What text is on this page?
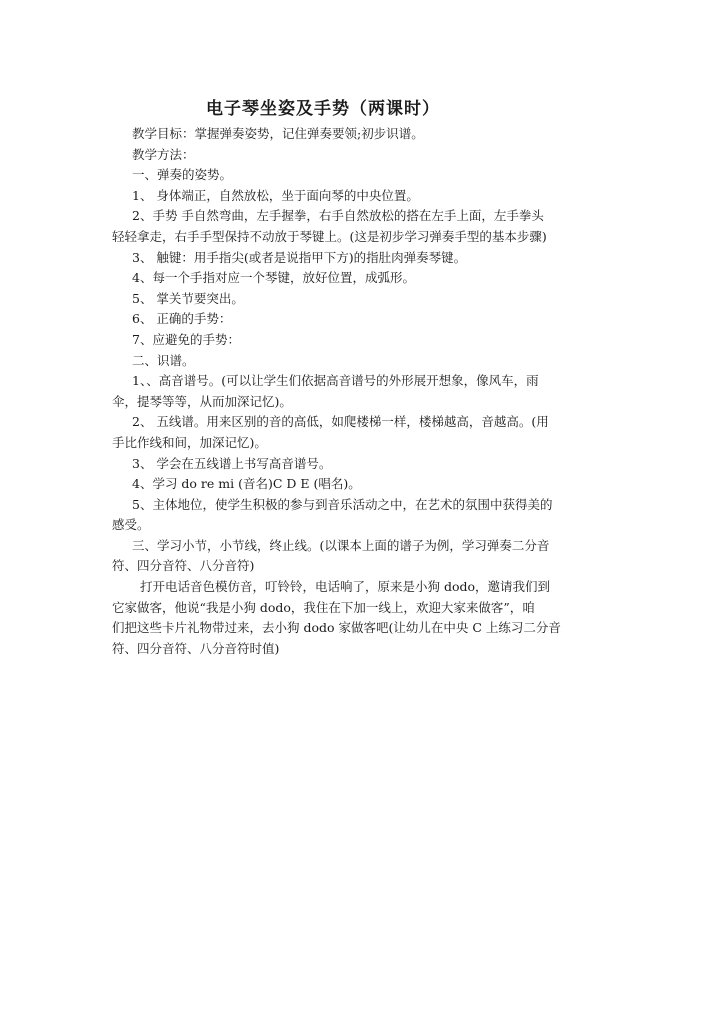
电子琴坐姿及手势（两课时）
教学目标：掌握弹奏姿势，记住弹奏要领;初步识谱。
教学方法：
一、弹奏的姿势。
1、 身体端正，自然放松，坐于面向琴的中央位置。
2、手势 手自然弯曲，左手握拳，右手自然放松的搭在左手上面，左手拳头
轻轻拿走，右手手型保持不动放于琴键上。(这是初步学习弹奏手型的基本步骤)
3、 触键：用手指尖(或者是说指甲下方)的指肚肉弹奏琴键。
4、每一个手指对应一个琴键，放好位置，成弧形。
5、 掌关节要突出。
6、 正确的手势：
7、应避免的手势：
二、识谱。
1、、高音谱号。(可以让学生们依据高音谱号的外形展开想象，像风车，雨
伞，提琴等等，从而加深记忆)。
2、 五线谱。用来区别的音的高低，如爬楼梯一样，楼梯越高，音越高。(用
手比作线和间，加深记忆)。
3、 学会在五线谱上书写高音谱号。
4、学习 do re mi (音名)C D E (唱名)。
5、主体地位，使学生积极的参与到音乐活动之中，在艺术的氛围中获得美的
感受。
三、学习小节，小节线，终止线。(以课本上面的谱子为例，学习弹奏二分音
符、四分音符、八分音符)
打开电话音色模仿音，叮铃铃，电话响了，原来是小狗 dodo，邀请我们到
它家做客，他说“我是小狗 dodo，我住在下加一线上，欢迎大家来做客”，咱
们把这些卡片礼物带过来，去小狗 dodo 家做客吧(让幼儿在中央 C 上练习二分音
符、四分音符、八分音符时值)
